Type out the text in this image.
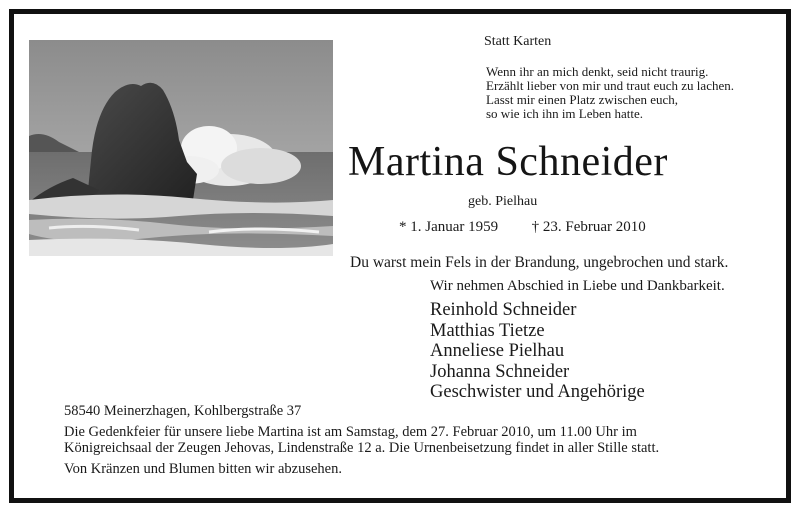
Statt Karten
Wenn ihr an mich denkt, seid nicht traurig.
Erzählt lieber von mir und traut euch zu lachen.
Lasst mir einen Platz zwischen euch,
so wie ich ihn im Leben hatte.
Martina Schneider
geb. Pielhau
* 1. Januar 1959 † 23. Februar 2010
Du warst mein Fels in der Brandung, ungebrochen und stark.
Wir nehmen Abschied in Liebe und Dankbarkeit.
Reinhold Schneider
Matthias Tietze
Anneliese Pielhau
Johanna Schneider
Geschwister und Angehörige
58540 Meinerzhagen, Kohlbergstraße 37
Die Gedenkfeier für unsere liebe Martina ist am Samstag, dem 27. Februar 2010, um 11.00 Uhr im
Königreichsaal der Zeugen Jehovas, Lindenstraße 12 a. Die Urnenbeisetzung findet in aller Stille statt.
Von Kränzen und Blumen bitten wir abzusehen.
